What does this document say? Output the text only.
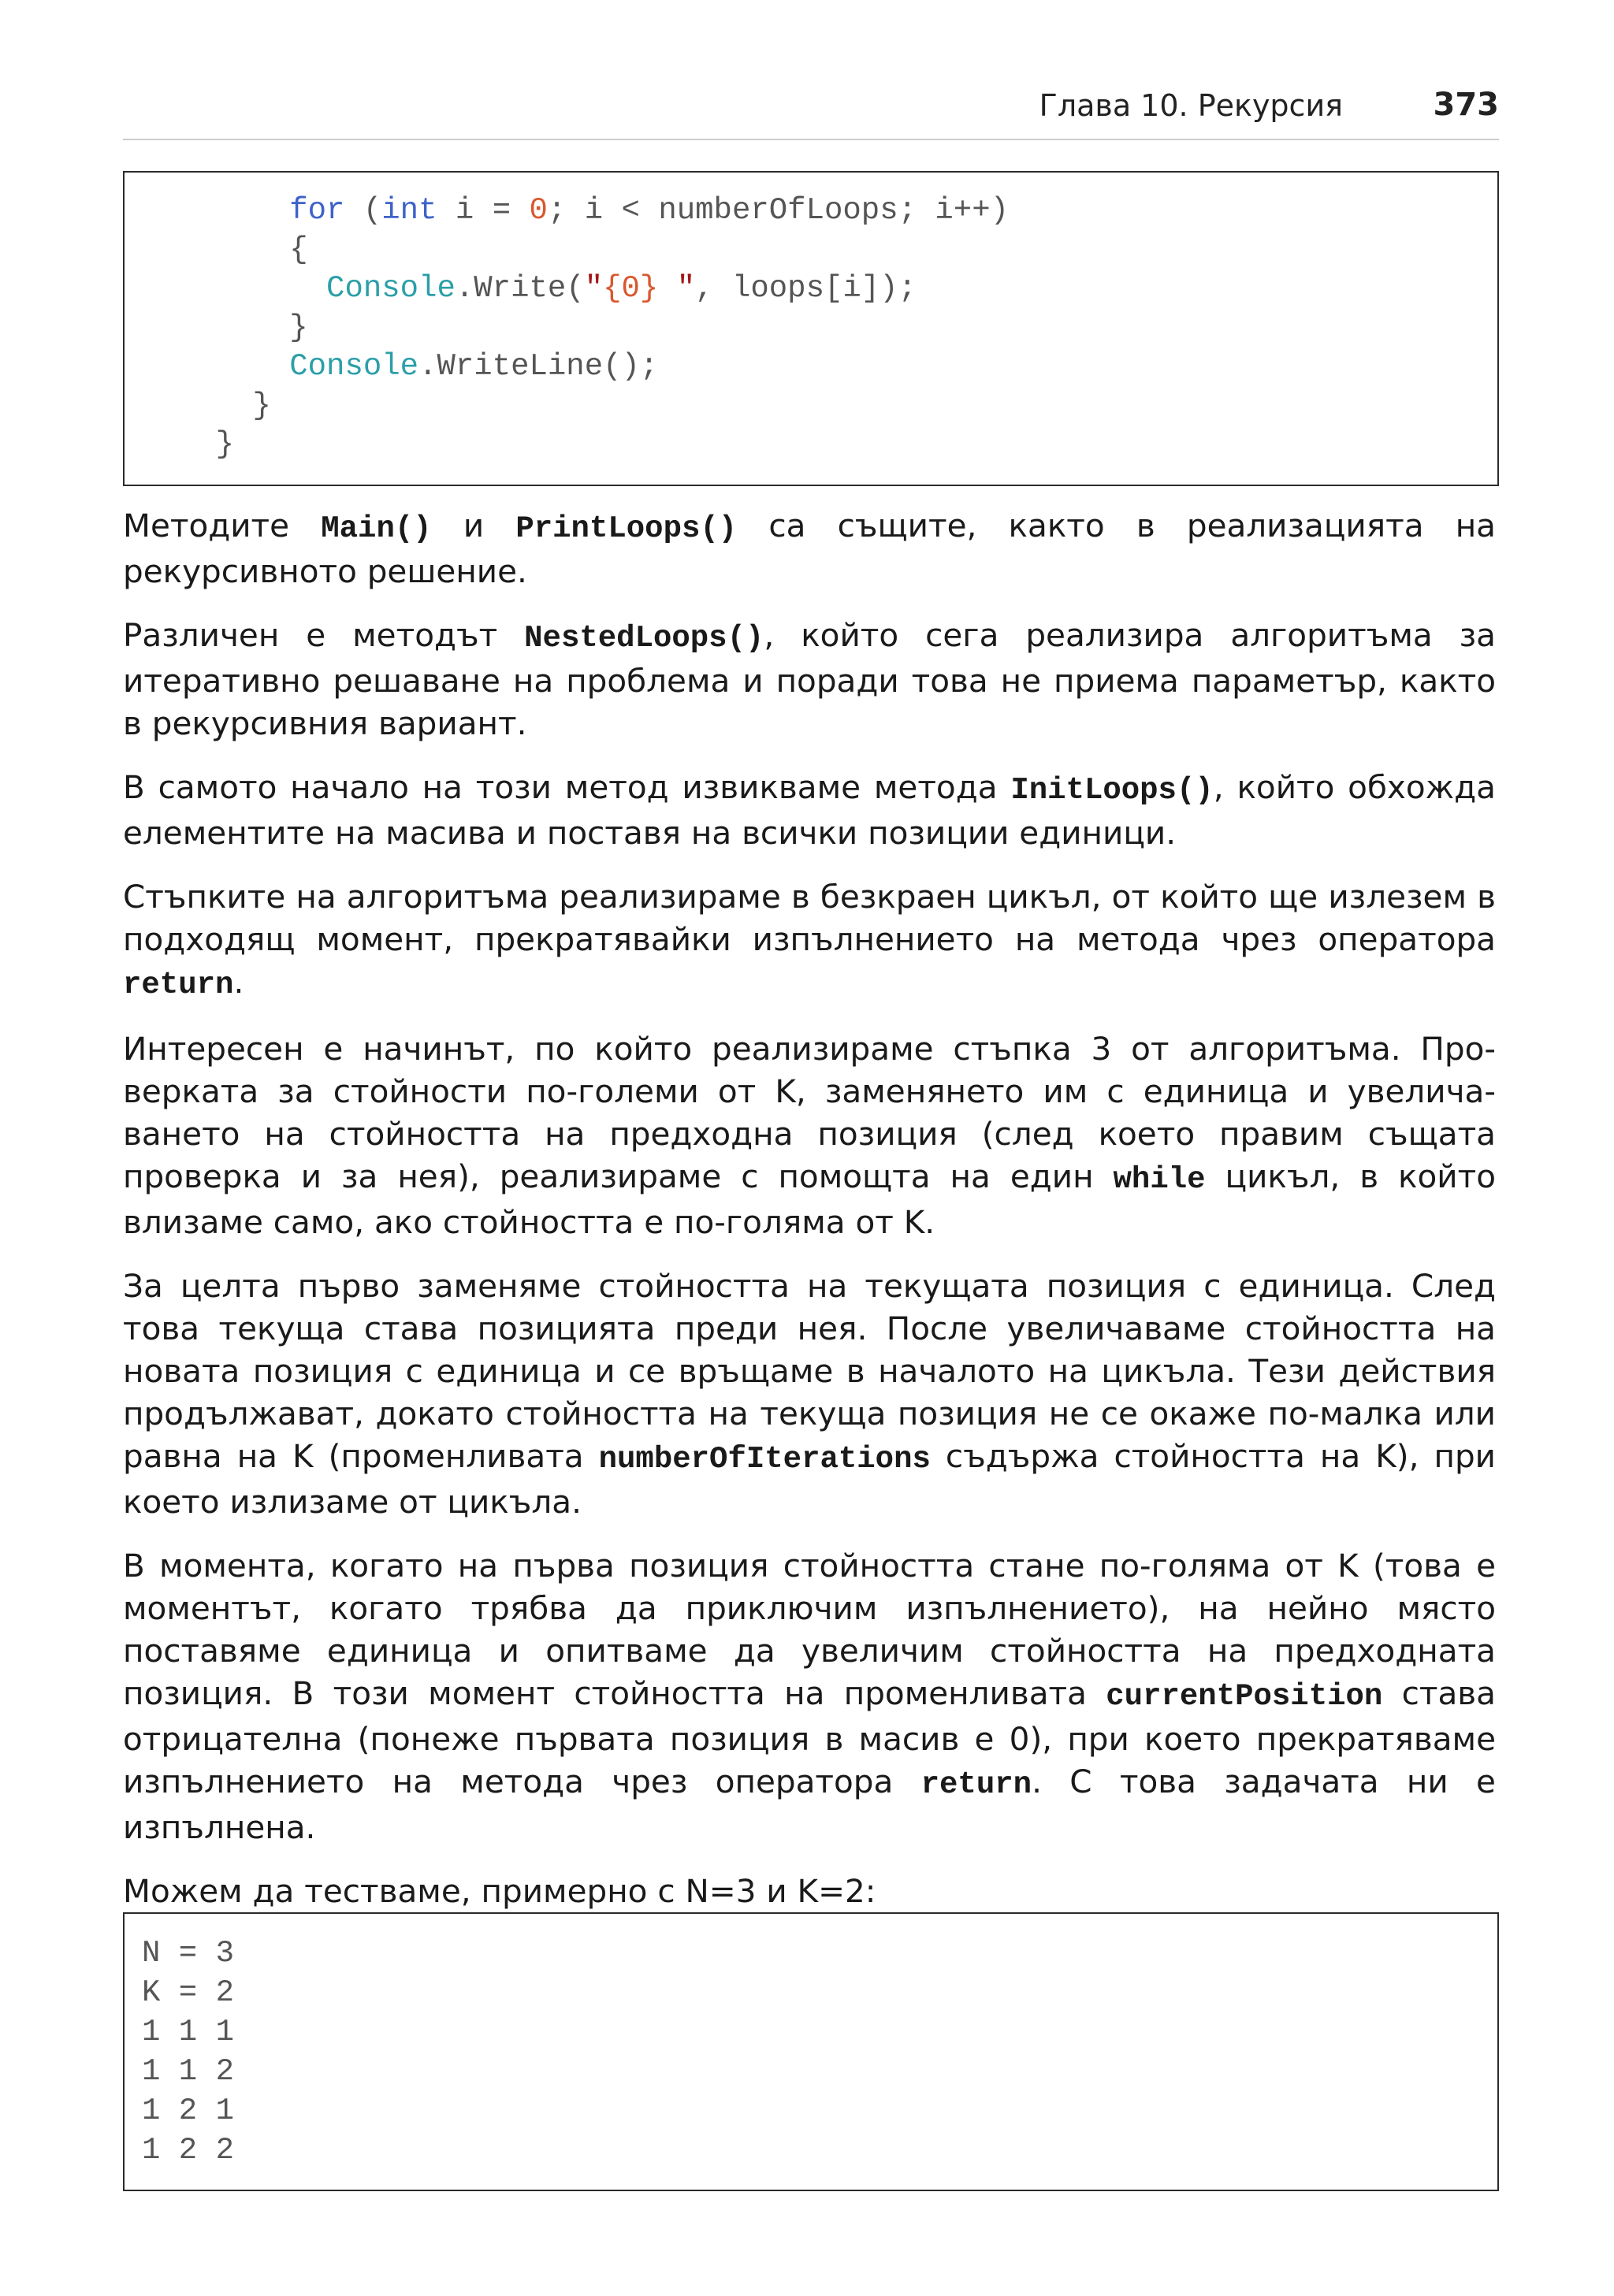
Глава 10. Рекурсия	373
for (int i = 0; i < numberOfLoops; i++)
{
Console.Write("{0} ", loops[i]);
}
Console.WriteLine();
}
}

Методите Main() и PrintLoops() са същите, както в реализацията на рекурсивното решение.

Различен е методът NestedLoops(), който сега реализира алгоритъма за итеративно решаване на проблема и поради това не приема параметър, както в рекурсивния вариант.

В самото начало на този метод извикваме метода InitLoops(), който обхожда елементите на масива и поставя на всички позиции единици.

Стъпките на алгоритъма реализираме в безкраен цикъл, от който ще излезем в подходящ момент, прекратявайки изпълнението на метода чрез оператора return.

Интересен е начинът, по който реализираме стъпка 3 от алгоритъма. Проверката за стойности по-големи от K, заменянето им с единица и увеличаването на стойността на предходна позиция (след което правим същата проверка и за нея), реализираме с помощта на един while цикъл, в който влизаме само, ако стойността е по-голяма от K.

За целта първо заменяме стойността на текущата позиция с единица. След това текуща става позицията преди нея. После увеличаваме стойността на новата позиция с единица и се връщаме в началото на цикъла. Тези действия продължават, докато стойността на текуща позиция не се окаже по-малка или равна на K (променливата numberOfIterations съдържа стойността на K), при което излизаме от цикъла.

В момента, когато на първа позиция стойността стане по-голяма от K (това е моментът, когато трябва да приключим изпълнението), на нейно място поставяме единица и опитваме да увеличим стойността на предходната позиция. В този момент стойността на променливата currentPosition става отрицателна (понеже първата позиция в масив е 0), при което прекратяваме изпълнението на метода чрез оператора return. С това задачата ни е изпълнена.

Можем да тестваме, примерно с N=3 и K=2:

N = 3
K = 2
1 1 1
1 1 2
1 2 1
1 2 2
